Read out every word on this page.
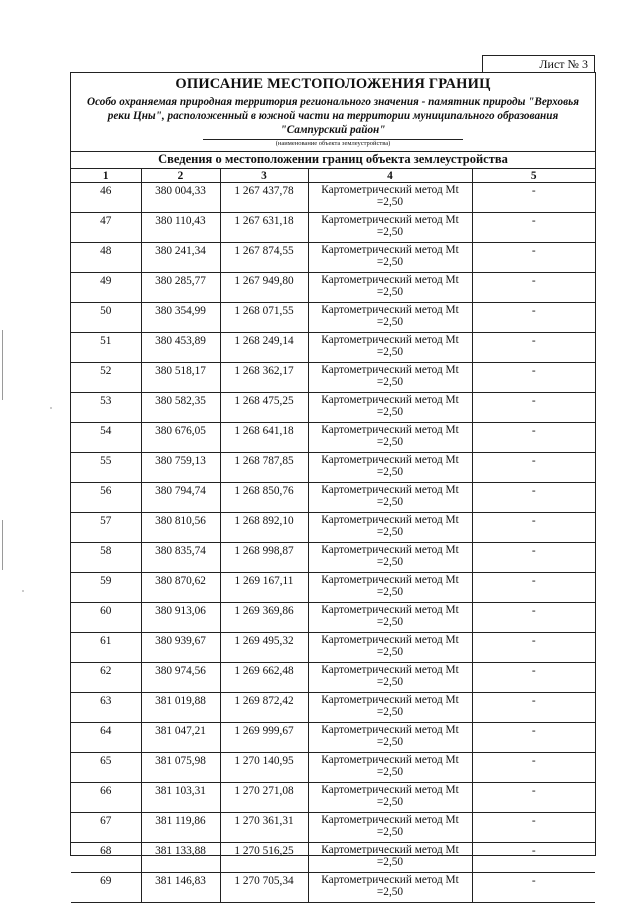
Лист № 3
ОПИСАНИЕ МЕСТОПОЛОЖЕНИЯ ГРАНИЦ
Особо охраняемая природная территория регионального значения - памятник природы "Верховья реки Цны", расположенный в южной части на территории муниципального образования "Сампурский район"
(наименование объекта землеустройства)
Сведения о местоположении границ объекта землеустройства
1	2	3	4	5
46	380 004,33	1 267 437,78	Картометрический метод Mt =2,50	-
47	380 110,43	1 267 631,18	Картометрический метод Mt =2,50	-
48	380 241,34	1 267 874,55	Картометрический метод Mt =2,50	-
49	380 285,77	1 267 949,80	Картометрический метод Mt =2,50	-
50	380 354,99	1 268 071,55	Картометрический метод Mt =2,50	-
51	380 453,89	1 268 249,14	Картометрический метод Mt =2,50	-
52	380 518,17	1 268 362,17	Картометрический метод Mt =2,50	-
53	380 582,35	1 268 475,25	Картометрический метод Mt =2,50	-
54	380 676,05	1 268 641,18	Картометрический метод Mt =2,50	-
55	380 759,13	1 268 787,85	Картометрический метод Mt =2,50	-
56	380 794,74	1 268 850,76	Картометрический метод Mt =2,50	-
57	380 810,56	1 268 892,10	Картометрический метод Mt =2,50	-
58	380 835,74	1 268 998,87	Картометрический метод Mt =2,50	-
59	380 870,62	1 269 167,11	Картометрический метод Mt =2,50	-
60	380 913,06	1 269 369,86	Картометрический метод Mt =2,50	-
61	380 939,67	1 269 495,32	Картометрический метод Mt =2,50	-
62	380 974,56	1 269 662,48	Картометрический метод Mt =2,50	-
63	381 019,88	1 269 872,42	Картометрический метод Mt =2,50	-
64	381 047,21	1 269 999,67	Картометрический метод Mt =2,50	-
65	381 075,98	1 270 140,95	Картометрический метод Mt =2,50	-
66	381 103,31	1 270 271,08	Картометрический метод Mt =2,50	-
67	381 119,86	1 270 361,31	Картометрический метод Mt =2,50	-
68	381 133,88	1 270 516,25	Картометрический метод Mt =2,50	-
69	381 146,83	1 270 705,34	Картометрический метод Mt =2,50	-
